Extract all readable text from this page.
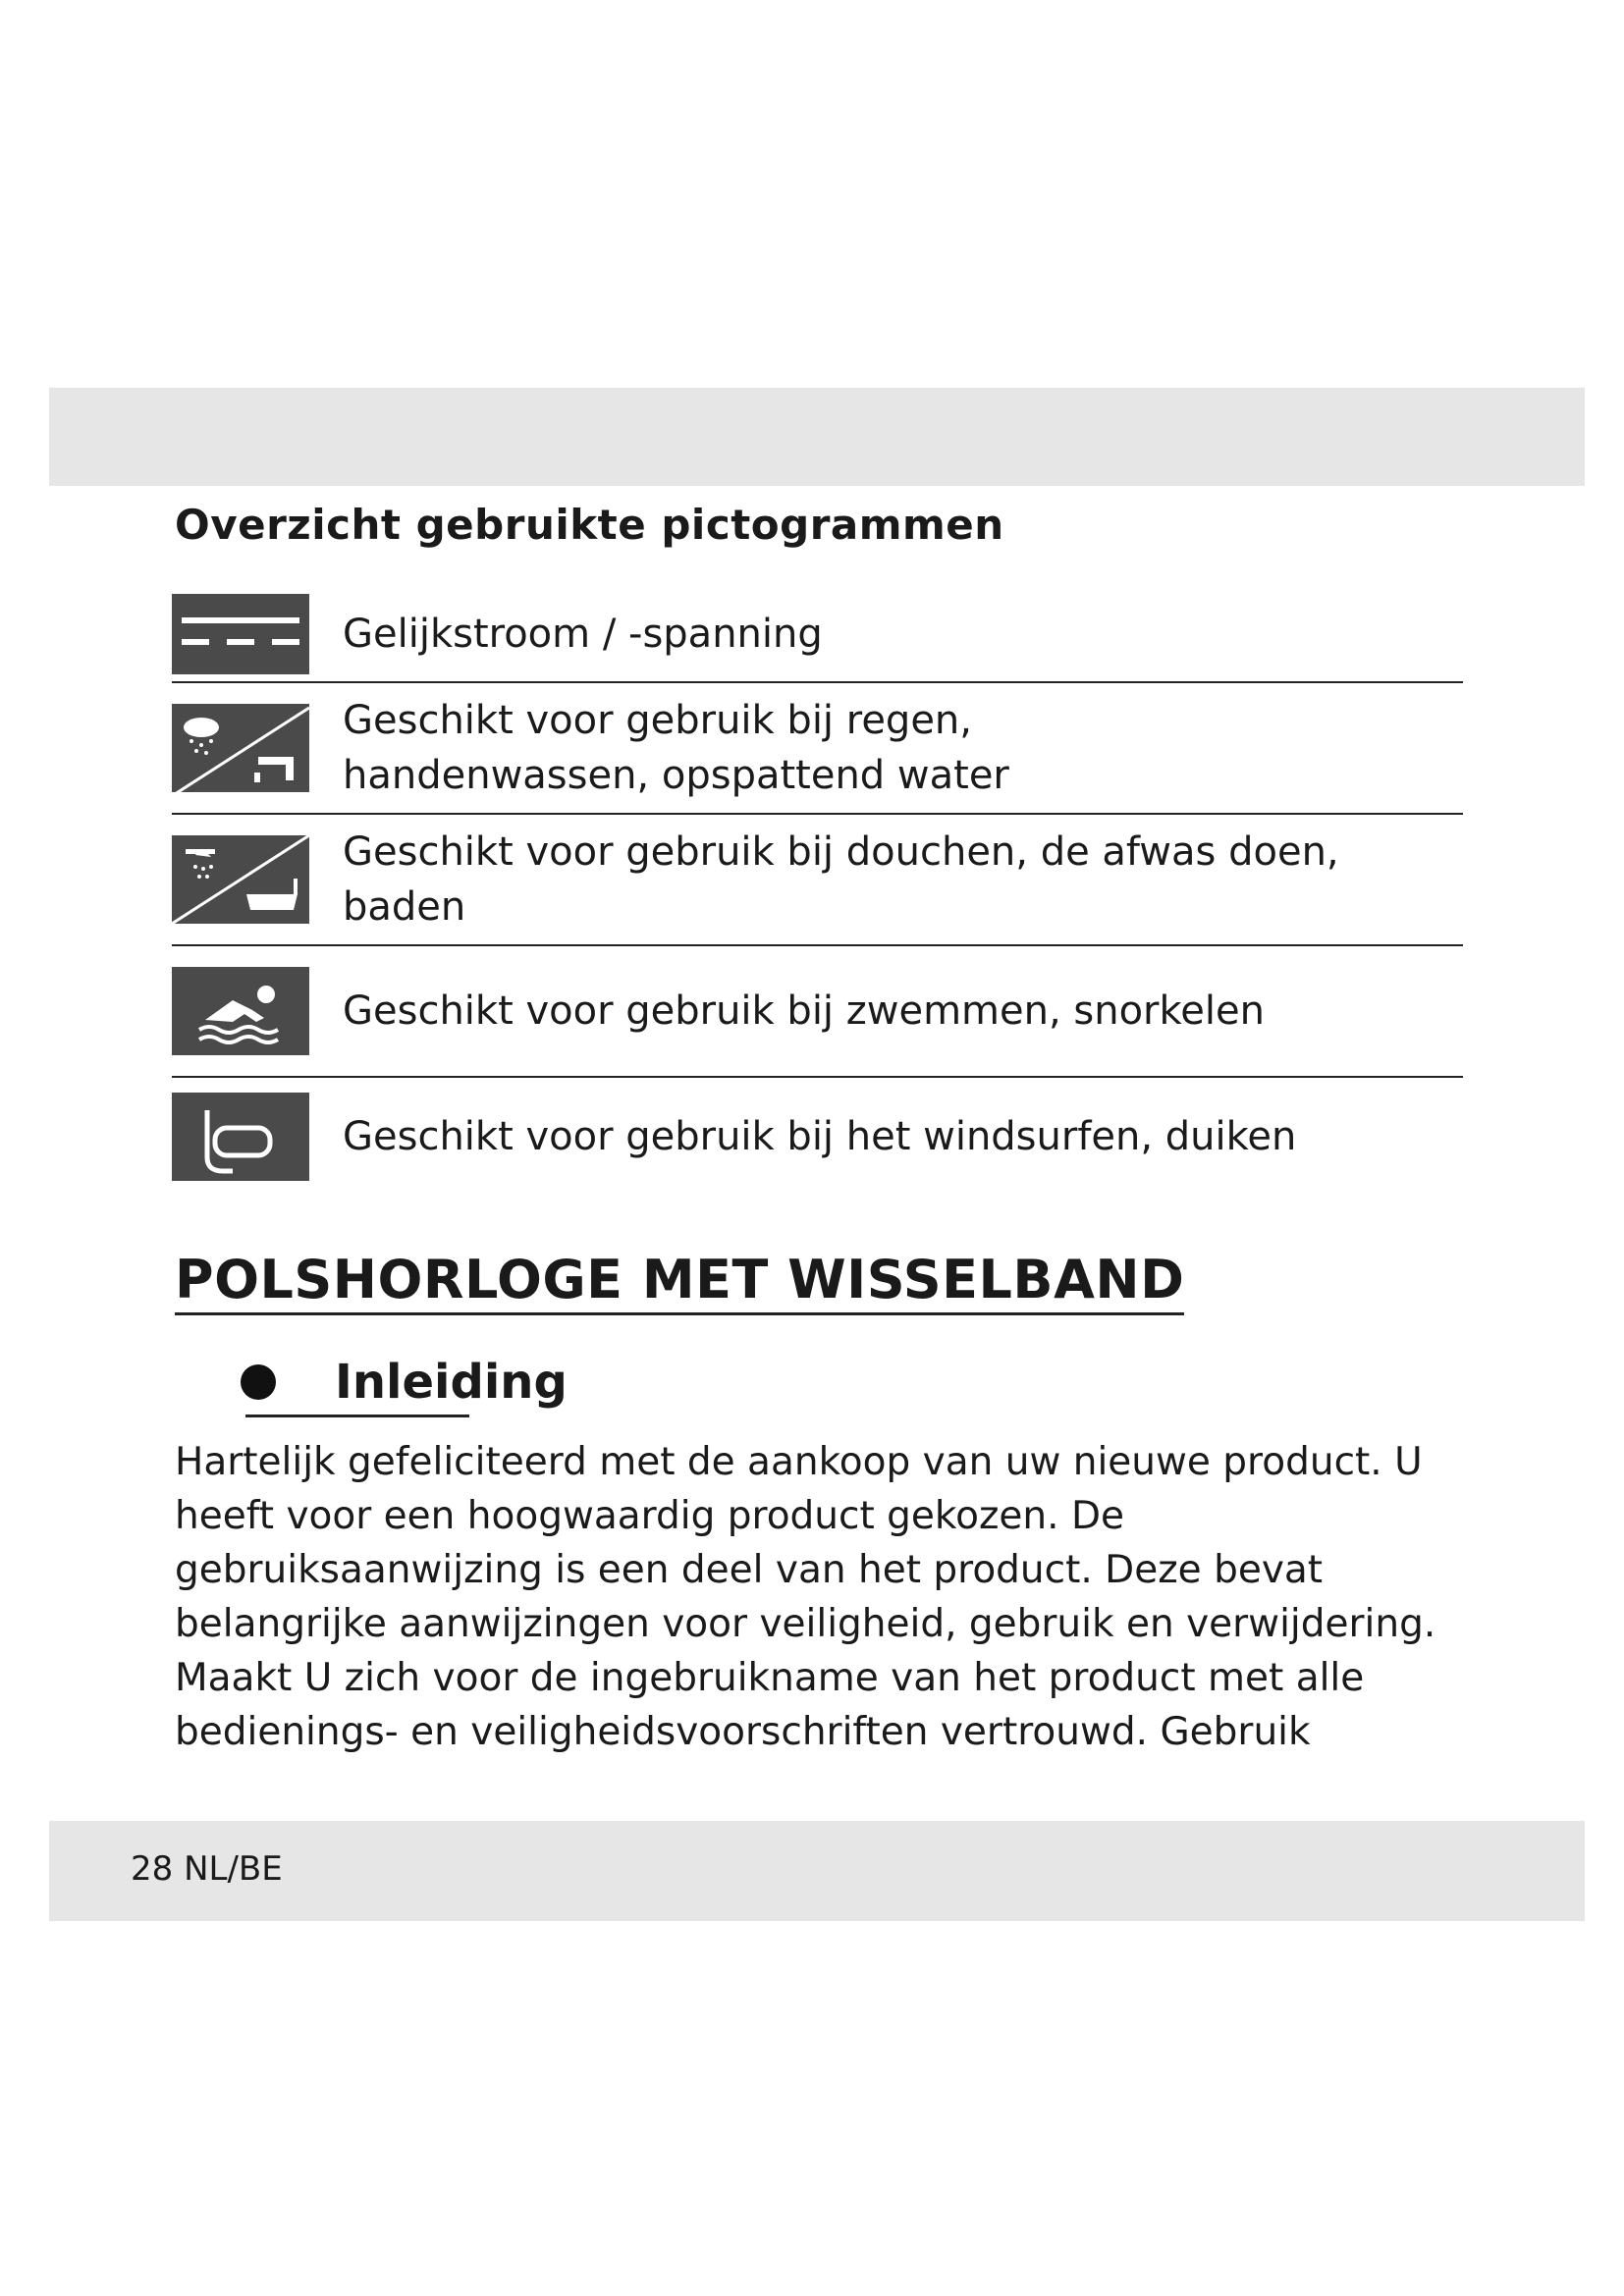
Overzicht gebruikte pictogrammen
Gelijkstroom / -spanning
Geschikt voor gebruik bij regen, handenwassen, opspattend water
Geschikt voor gebruik bij douchen, de afwas doen, baden
Geschikt voor gebruik bij zwemmen, snorkelen
Geschikt voor gebruik bij het windsurfen, duiken
POLSHORLOGE MET WISSELBAND
Inleiding

Hartelijk gefeliciteerd met de aankoop van uw nieuwe product. U heeft voor een hoogwaardig product gekozen. De gebruiksaanwijzing is een deel van het product. Deze bevat belangrijke aanwijzingen voor veiligheid, gebruik en verwijdering. Maakt U zich voor de ingebruikname van het product met alle bedienings- en veiligheidsvoorschriften vertrouwd. Gebruik

28 NL/BE
